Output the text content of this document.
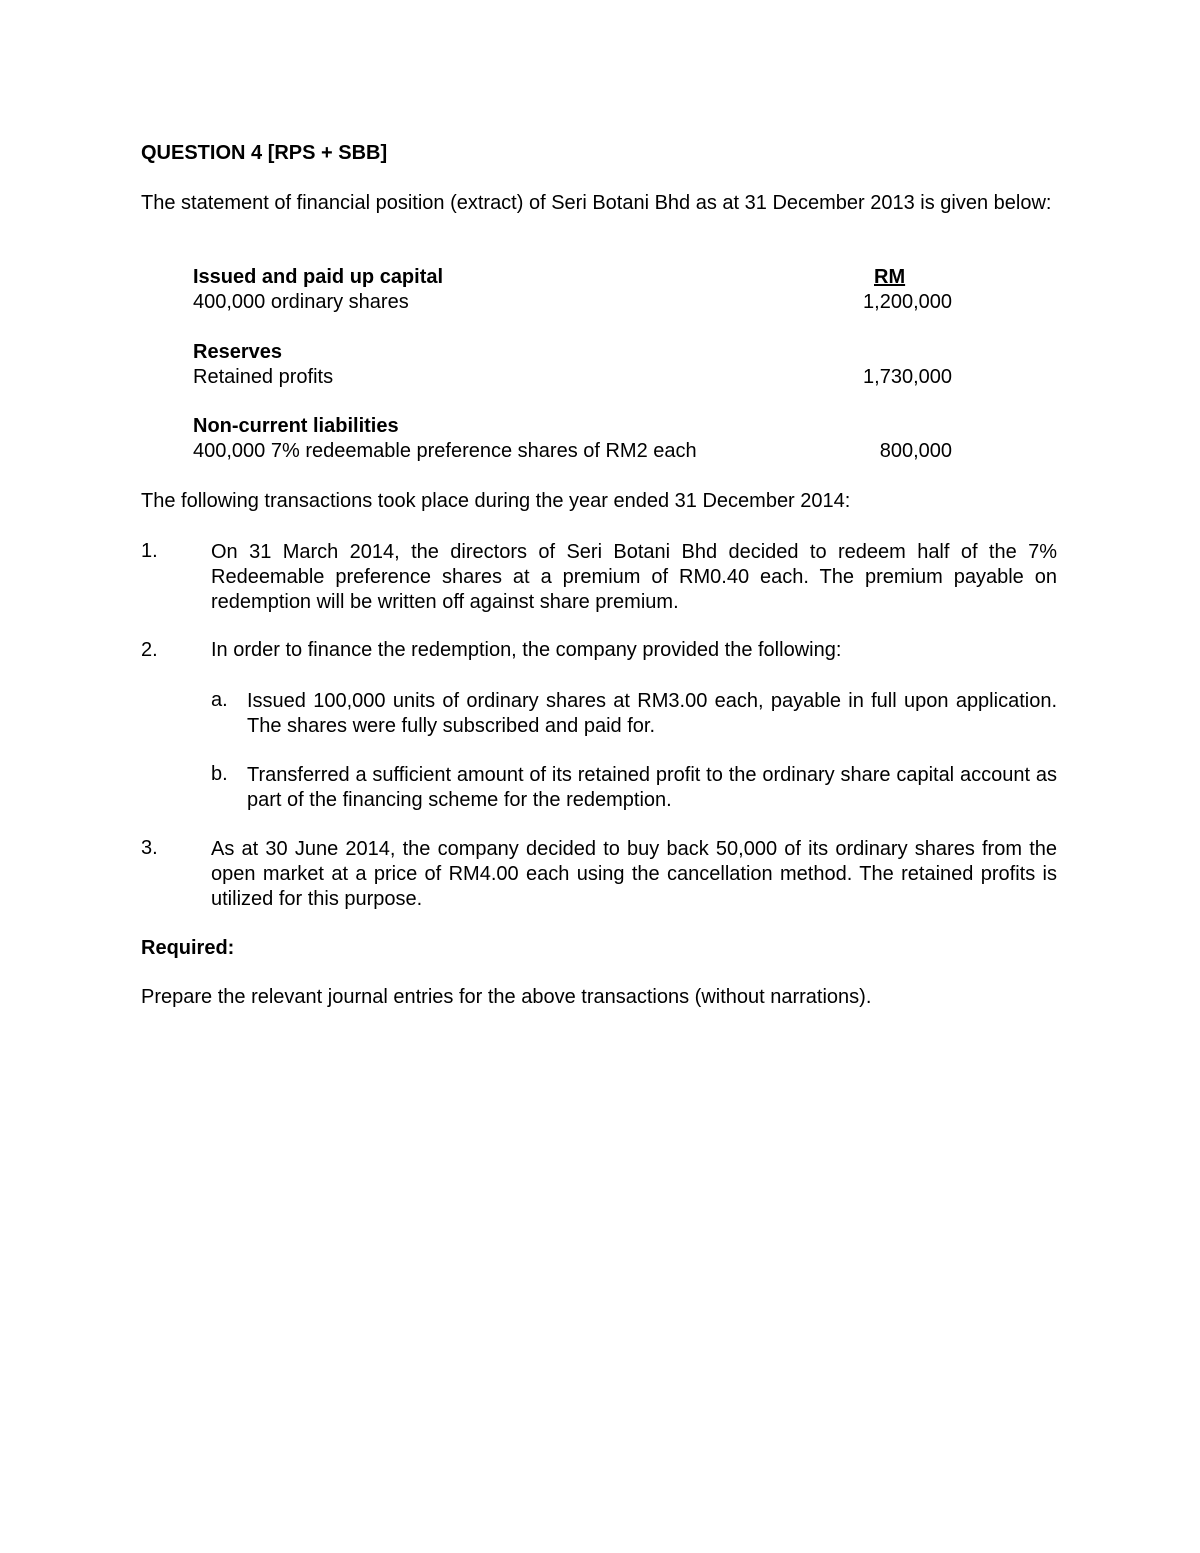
QUESTION 4 [RPS + SBB]
The statement of financial position (extract) of Seri Botani Bhd as at 31 December 2013 is given below:
Issued and paid up capital	RM
400,000 ordinary shares	1,200,000
Reserves
Retained profits	1,730,000
Non-current liabilities
400,000 7% redeemable preference shares of RM2 each	800,000
The following transactions took place during the year ended 31 December 2014:
1.	On 31 March 2014, the directors of Seri Botani Bhd decided to redeem half of the 7% Redeemable preference shares at a premium of RM0.40 each. The premium payable on redemption will be written off against share premium.
2.	In order to finance the redemption, the company provided the following:
a. Issued 100,000 units of ordinary shares at RM3.00 each, payable in full upon application. The shares were fully subscribed and paid for.
b. Transferred a sufficient amount of its retained profit to the ordinary share capital account as part of the financing scheme for the redemption.
3.	As at 30 June 2014, the company decided to buy back 50,000 of its ordinary shares from the open market at a price of RM4.00 each using the cancellation method. The retained profits is utilized for this purpose.
Required:
Prepare the relevant journal entries for the above transactions (without narrations).
